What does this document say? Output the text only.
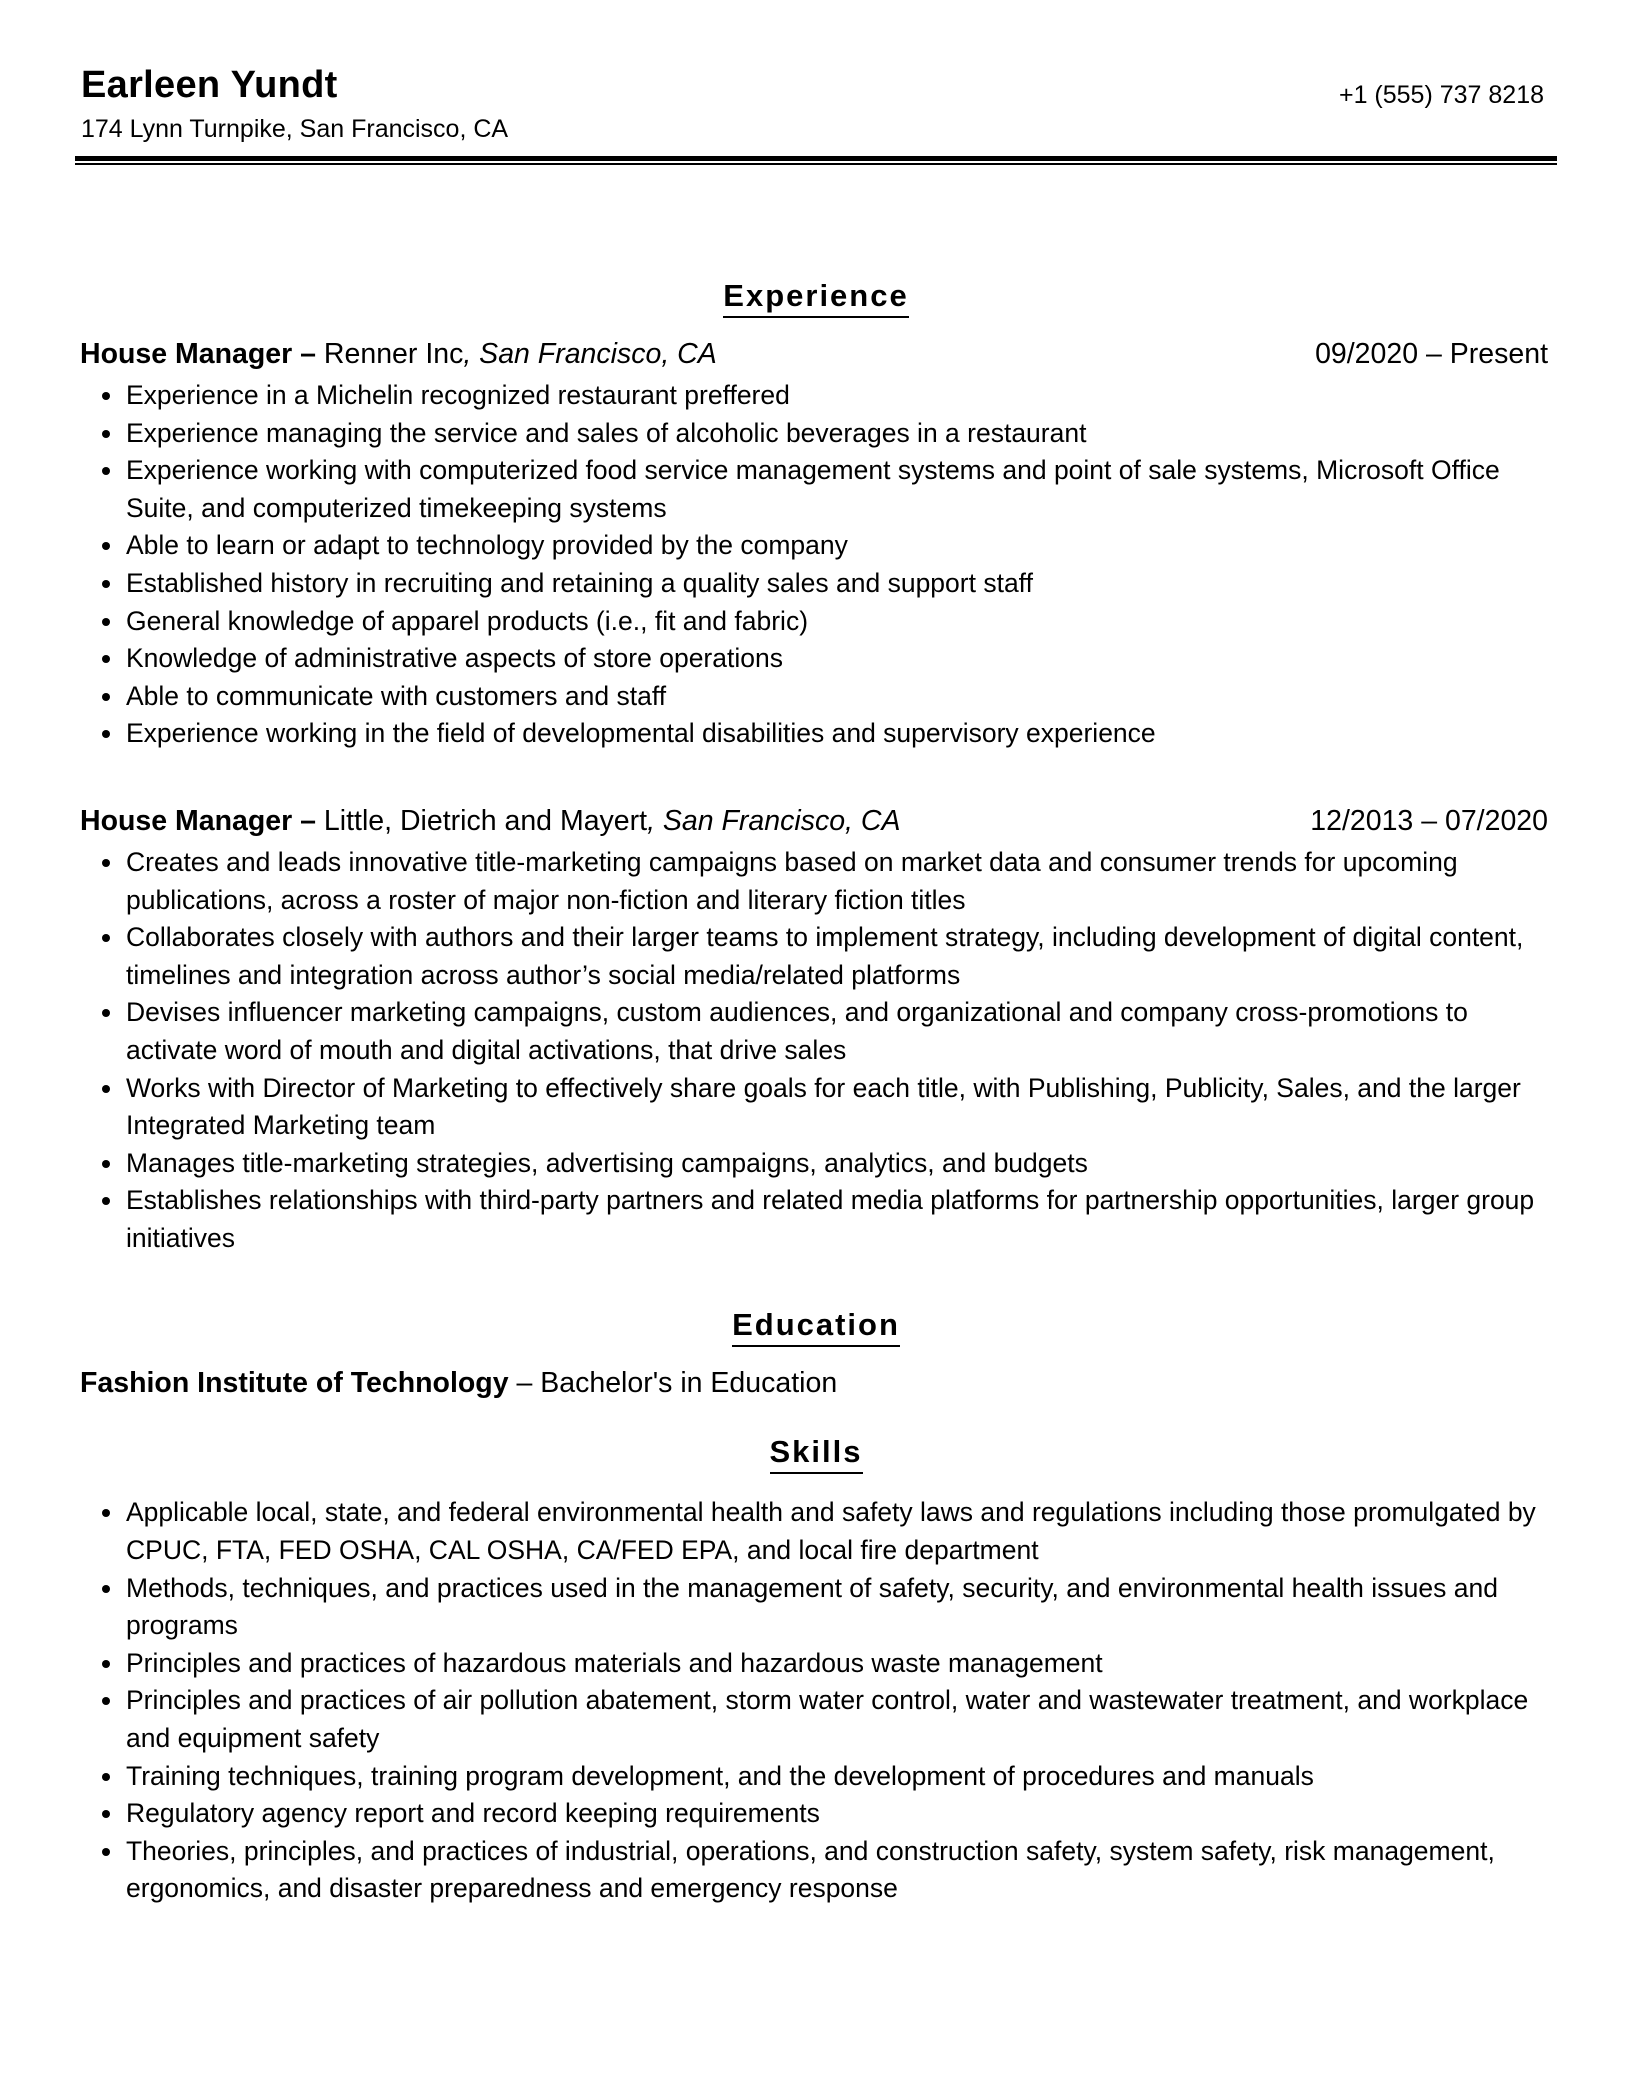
Earleen Yundt
174 Lynn Turnpike, San Francisco, CA
+1 (555) 737 8218
Experience
House Manager – Renner Inc, San Francisco, CA	09/2020 – Present
Experience in a Michelin recognized restaurant preffered
Experience managing the service and sales of alcoholic beverages in a restaurant
Experience working with computerized food service management systems and point of sale systems, Microsoft Office Suite, and computerized timekeeping systems
Able to learn or adapt to technology provided by the company
Established history in recruiting and retaining a quality sales and support staff
General knowledge of apparel products (i.e., fit and fabric)
Knowledge of administrative aspects of store operations
Able to communicate with customers and staff
Experience working in the field of developmental disabilities and supervisory experience
House Manager – Little, Dietrich and Mayert, San Francisco, CA	12/2013 – 07/2020
Creates and leads innovative title-marketing campaigns based on market data and consumer trends for upcoming publications, across a roster of major non-fiction and literary fiction titles
Collaborates closely with authors and their larger teams to implement strategy, including development of digital content, timelines and integration across author’s social media/related platforms
Devises influencer marketing campaigns, custom audiences, and organizational and company cross-promotions to activate word of mouth and digital activations, that drive sales
Works with Director of Marketing to effectively share goals for each title, with Publishing, Publicity, Sales, and the larger Integrated Marketing team
Manages title-marketing strategies, advertising campaigns, analytics, and budgets
Establishes relationships with third-party partners and related media platforms for partnership opportunities, larger group initiatives
Education
Fashion Institute of Technology – Bachelor's in Education
Skills
Applicable local, state, and federal environmental health and safety laws and regulations including those promulgated by CPUC, FTA, FED OSHA, CAL OSHA, CA/FED EPA, and local fire department
Methods, techniques, and practices used in the management of safety, security, and environmental health issues and programs
Principles and practices of hazardous materials and hazardous waste management
Principles and practices of air pollution abatement, storm water control, water and wastewater treatment, and workplace and equipment safety
Training techniques, training program development, and the development of procedures and manuals
Regulatory agency report and record keeping requirements
Theories, principles, and practices of industrial, operations, and construction safety, system safety, risk management, ergonomics, and disaster preparedness and emergency response
